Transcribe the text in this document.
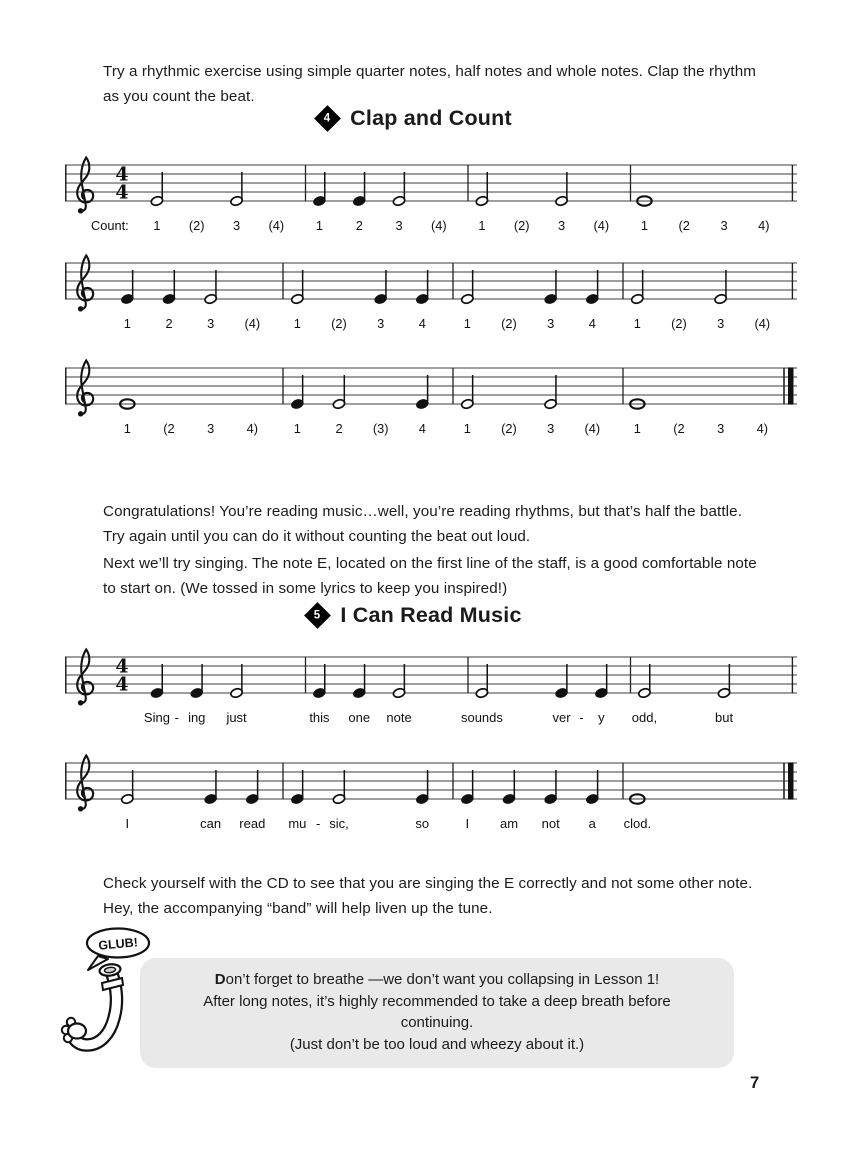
Try a rhythmic exercise using simple quarter notes, half notes and whole notes. Clap the rhythm as you count the beat.

4 Clap and Count
4
4
1 (2) 3 (4) 1	2	3 (4) 1 (2) 3 (4) 1 (2 3 4)
Count:
1	2	3 (4)	1 (2) 3	4	1 (2) 3	4	1 (2) 3 (4)
1	(2	3	4)	1	2 (3) 4	1 (2) 3 (4)	1	(2	3	4)

Congratulations! You’re reading music…well, you’re reading rhythms, but that’s half the battle. Try again until you can do it without counting the beat out loud.

Next we’ll try singing. The note E, located on the first line of the staff, is a good comfortable note to start on. (We tossed in some lyrics to keep you inspired!)

5 I Can Read Music
4
4
Sing - ing just	this one note	sounds	ver - y odd,	but
I	can read mu - sic,	so	I am not a clod.

Check yourself with the CD to see that you are singing the E correctly and not some other note. Hey, the accompanying “band” will help liven up the tune.

GLUB!

Don’t forget to breathe —we don’t want you collapsing in Lesson 1!

After long notes, it’s highly recommended to take a deep breath before continuing.

(Just don’t be too loud and wheezy about it.)

7
